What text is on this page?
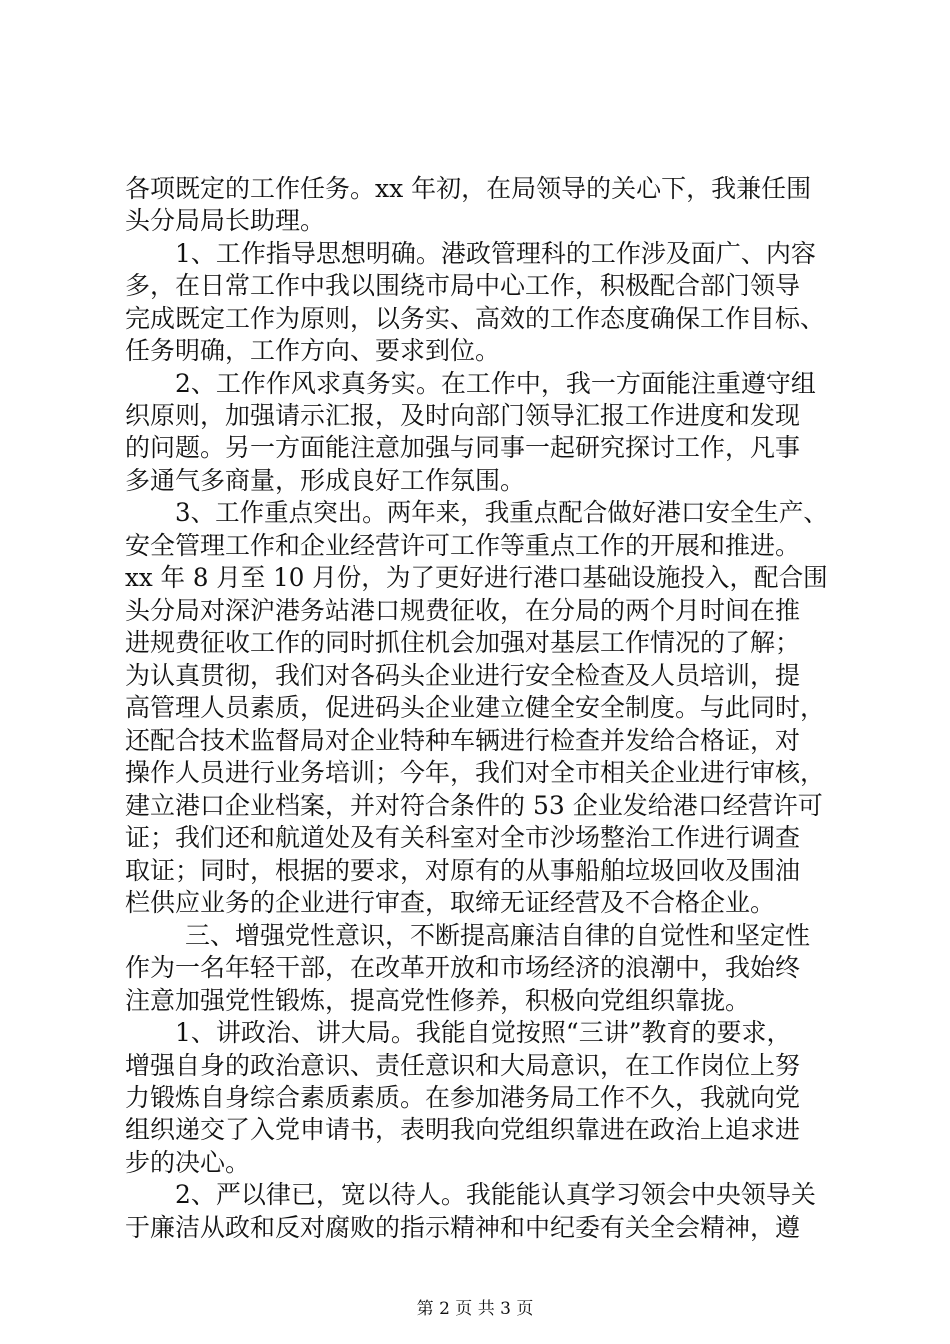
各项既定的工作任务。xx 年初，在局领导的关心下，我兼任围
头分局局长助理。
1、工作指导思想明确。港政管理科的工作涉及面广、内容
多，在日常工作中我以围绕市局中心工作，积极配合部门领导
完成既定工作为原则，以务实、高效的工作态度确保工作目标、
任务明确，工作方向、要求到位。
2、工作作风求真务实。在工作中，我一方面能注重遵守组
织原则，加强请示汇报，及时向部门领导汇报工作进度和发现
的问题。另一方面能注意加强与同事一起研究探讨工作，凡事
多通气多商量，形成良好工作氛围。
3、工作重点突出。两年来，我重点配合做好港口安全生产、
安全管理工作和企业经营许可工作等重点工作的开展和推进。
xx 年 8 月至 10 月份，为了更好进行港口基础设施投入，配合围
头分局对深沪港务站港口规费征收，在分局的两个月时间在推
进规费征收工作的同时抓住机会加强对基层工作情况的了解；
为认真贯彻，我们对各码头企业进行安全检查及人员培训，提
高管理人员素质，促进码头企业建立健全安全制度。与此同时，
还配合技术监督局对企业特种车辆进行检查并发给合格证，对
操作人员进行业务培训；今年，我们对全市相关企业进行审核，
建立港口企业档案，并对符合条件的 53 企业发给港口经营许可
证；我们还和航道处及有关科室对全市沙场整治工作进行调查
取证；同时，根据的要求，对原有的从事船舶垃圾回收及围油
栏供应业务的企业进行审查，取缔无证经营及不合格企业。
三、增强党性意识，不断提高廉洁自律的自觉性和坚定性
作为一名年轻干部，在改革开放和市场经济的浪潮中，我始终
注意加强党性锻炼，提高党性修养，积极向党组织靠拢。
1、讲政治、讲大局。我能自觉按照“三讲”教育的要求，
增强自身的政治意识、责任意识和大局意识，在工作岗位上努
力锻炼自身综合素质素质。在参加港务局工作不久，我就向党
组织递交了入党申请书，表明我向党组织靠进在政治上追求进
步的决心。
2、严以律已，宽以待人。我能能认真学习领会中央领导关
于廉洁从政和反对腐败的指示精神和中纪委有关全会精神，遵
第 2 页 共 3 页
